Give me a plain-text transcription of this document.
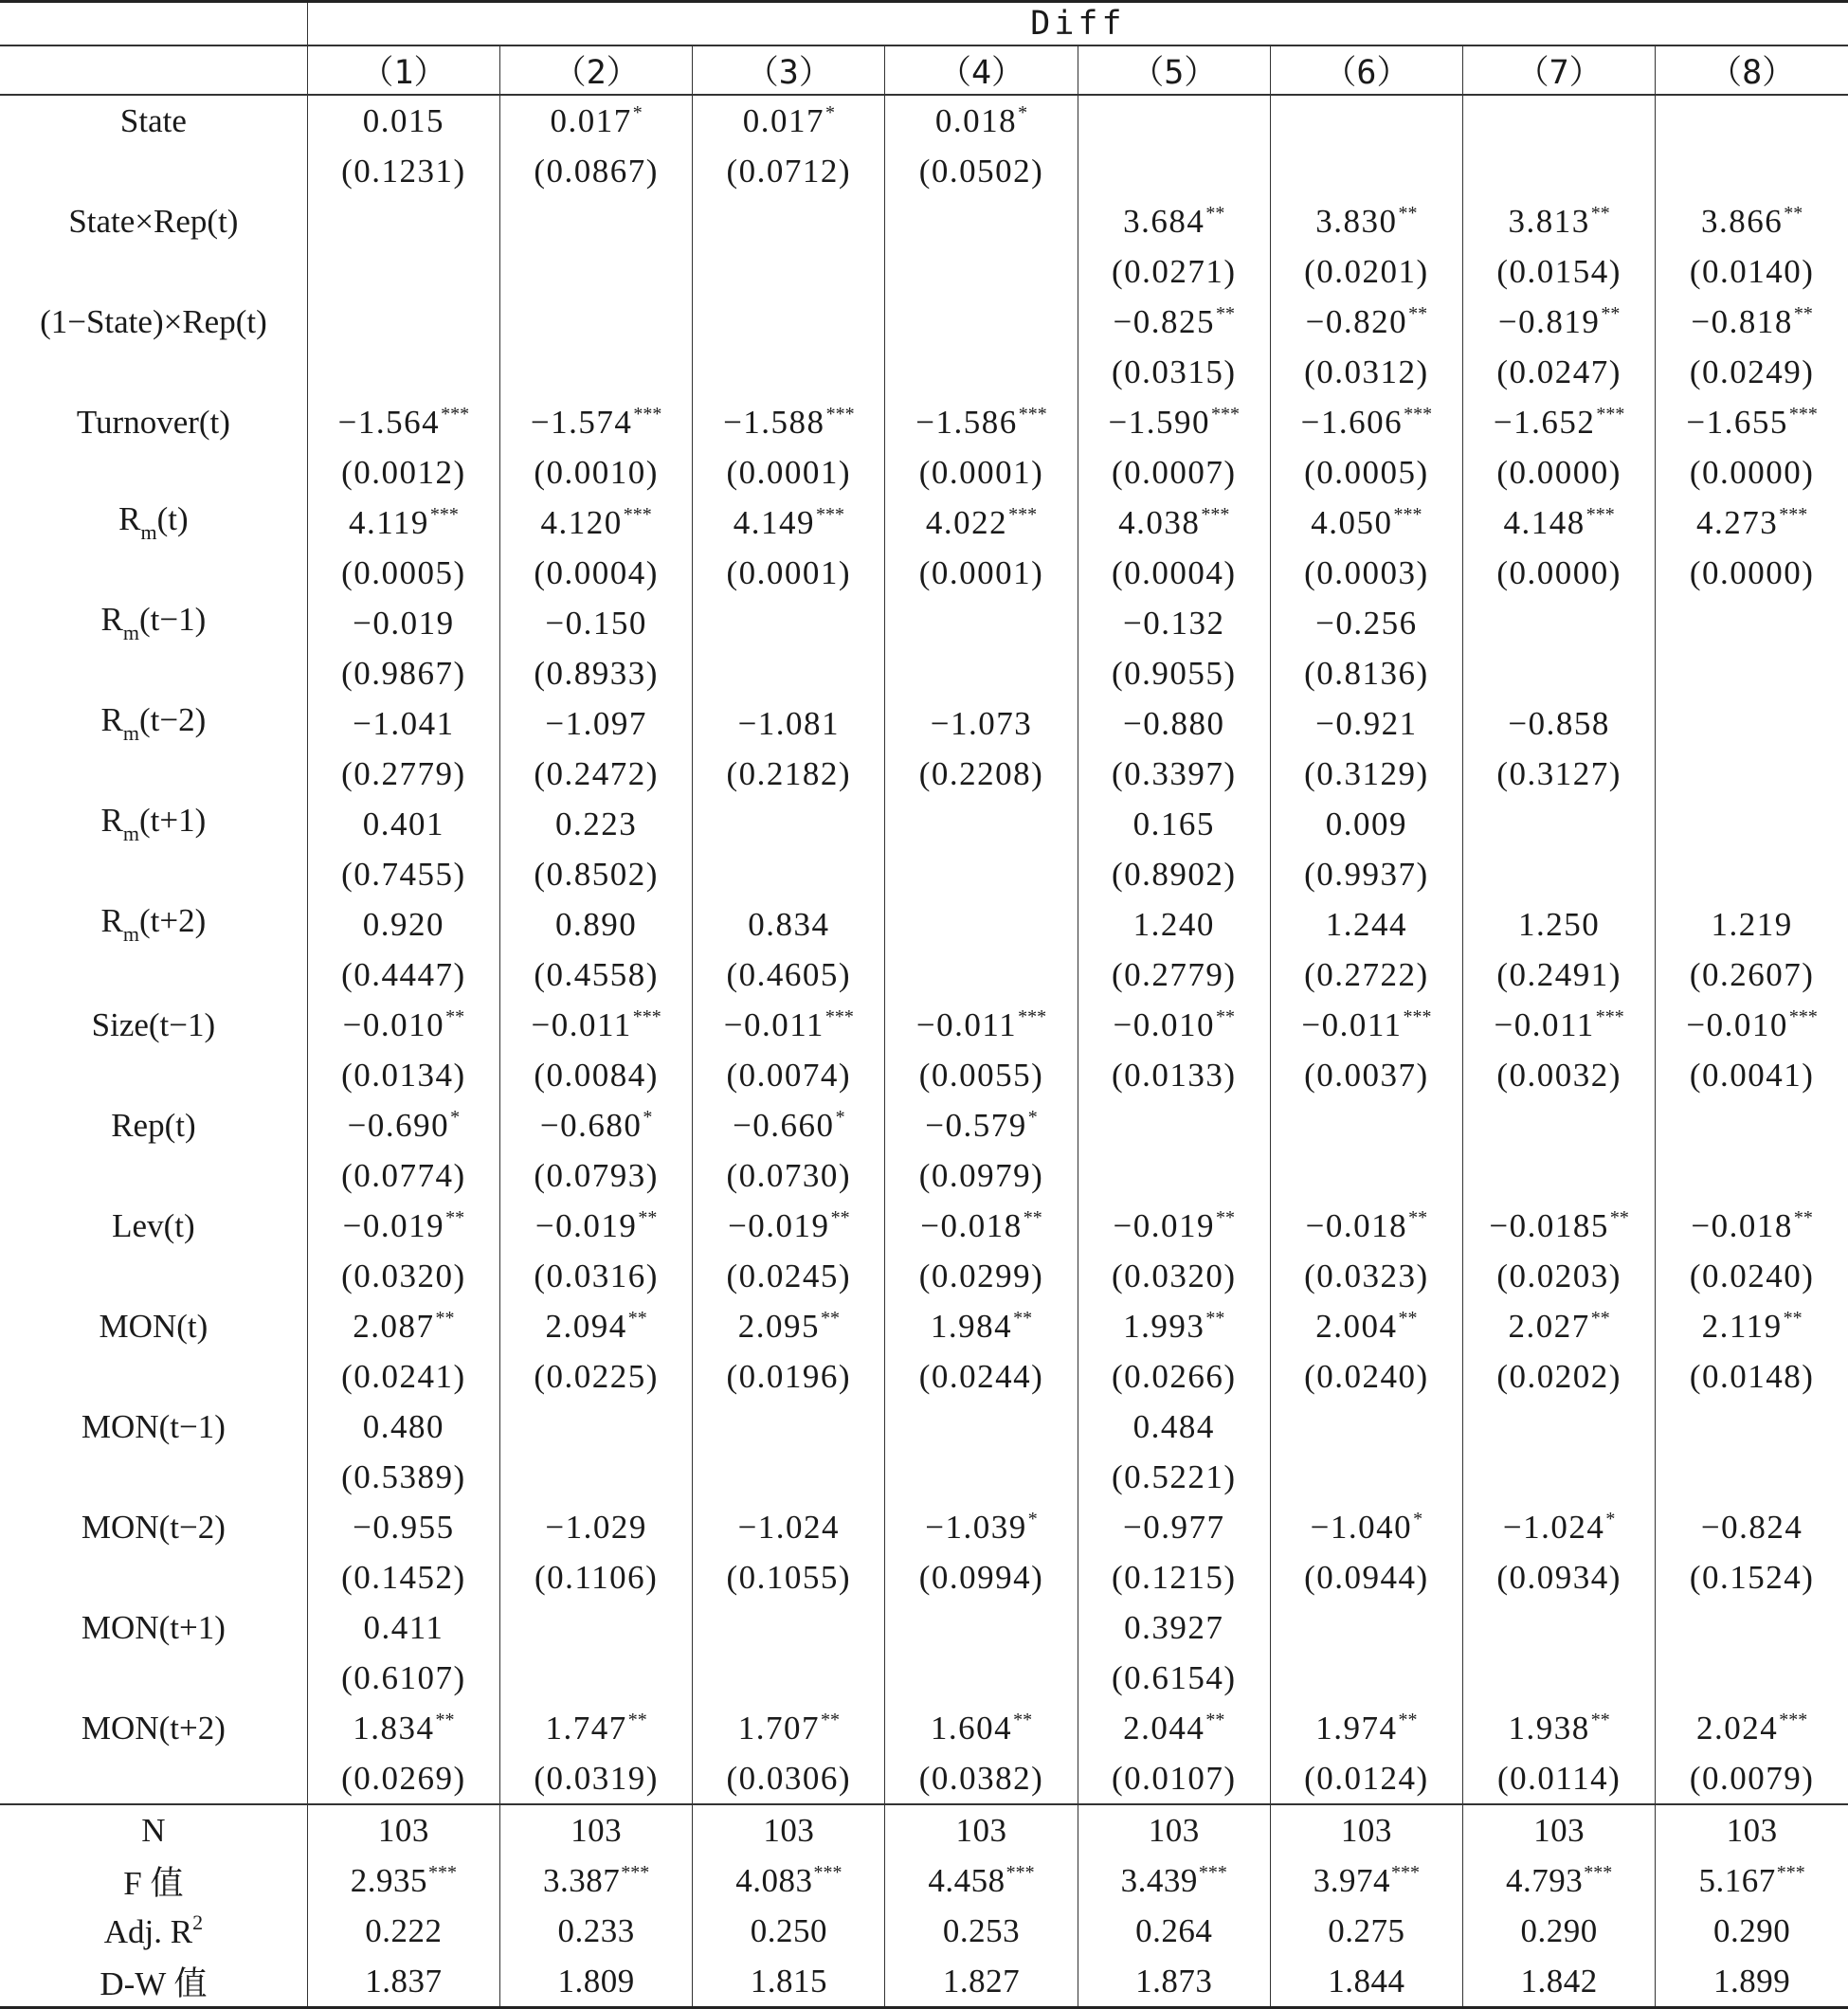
	Diff							
	（1）	（2）	（3）	（4）	（5）	（6）	（7）	（8）
State	0.015	0.017*	0.017*	0.018*				
	(0.1231)	(0.0867)	(0.0712)	(0.0502)				
State×Rep(t)					3.684**	3.830**	3.813**	3.866**
					(0.0271)	(0.0201)	(0.0154)	(0.0140)
(1−State)×Rep(t)					−0.825**	−0.820**	−0.819**	−0.818**
					(0.0315)	(0.0312)	(0.0247)	(0.0249)
Turnover(t)	−1.564***	−1.574***	−1.588***	−1.586***	−1.590***	−1.606***	−1.652***	−1.655***
	(0.0012)	(0.0010)	(0.0001)	(0.0001)	(0.0007)	(0.0005)	(0.0000)	(0.0000)
$R_m(t)$	4.119***	4.120***	4.149***	4.022***	4.038***	4.050***	4.148***	4.273***
	(0.0005)	(0.0004)	(0.0001)	(0.0001)	(0.0004)	(0.0003)	(0.0000)	(0.0000)
$R_m(t-1)$	−0.019	−0.150			−0.132	−0.256		
	(0.9867)	(0.8933)			(0.9055)	(0.8136)		
$R_m(t-2)$	−1.041	−1.097	−1.081	−1.073	−0.880	−0.921	−0.858	
	(0.2779)	(0.2472)	(0.2182)	(0.2208)	(0.3397)	(0.3129)	(0.3127)	
$R_m(t+1)$	0.401	0.223			0.165	0.009		
	(0.7455)	(0.8502)			(0.8902)	(0.9937)		
$R_m(t+2)$	0.920	0.890	0.834		1.240	1.244	1.250	1.219
	(0.4447)	(0.4558)	(0.4605)		(0.2779)	(0.2722)	(0.2491)	(0.2607)
Size(t−1)	−0.010**	−0.011***	−0.011***	−0.011***	−0.010**	−0.011***	−0.011***	−0.010***
	(0.0134)	(0.0084)	(0.0074)	(0.0055)	(0.0133)	(0.0037)	(0.0032)	(0.0041)
Rep(t)	−0.690*	−0.680*	−0.660*	−0.579*				
	(0.0774)	(0.0793)	(0.0730)	(0.0979)				
Lev(t)	−0.019**	−0.019**	−0.019**	−0.018**	−0.019**	−0.018**	−0.0185**	−0.018**
	(0.0320)	(0.0316)	(0.0245)	(0.0299)	(0.0320)	(0.0323)	(0.0203)	(0.0240)
MON(t)	2.087**	2.094**	2.095**	1.984**	1.993**	2.004**	2.027**	2.119**
	(0.0241)	(0.0225)	(0.0196)	(0.0244)	(0.0266)	(0.0240)	(0.0202)	(0.0148)
MON(t−1)	0.480				0.484			
	(0.5389)				(0.5221)			
MON(t−2)	−0.955	−1.029	−1.024	−1.039*	−0.977	−1.040*	−1.024*	−0.824
	(0.1452)	(0.1106)	(0.1055)	(0.0994)	(0.1215)	(0.0944)	(0.0934)	(0.1524)
MON(t+1)	0.411				0.3927			
	(0.6107)				(0.6154)			
MON(t+2)	1.834**	1.747**	1.707**	1.604**	2.044**	1.974**	1.938**	2.024***
	(0.0269)	(0.0319)	(0.0306)	(0.0382)	(0.0107)	(0.0124)	(0.0114)	(0.0079)
N	103	103	103	103	103	103	103	103
F 值	2.935***	3.387***	4.083***	4.458***	3.439***	3.974***	4.793***	5.167***
Adj. $R^2$	0.222	0.233	0.250	0.253	0.264	0.275	0.290	0.290
D-W 值	1.837	1.809	1.815	1.827	1.873	1.844	1.842	1.899
